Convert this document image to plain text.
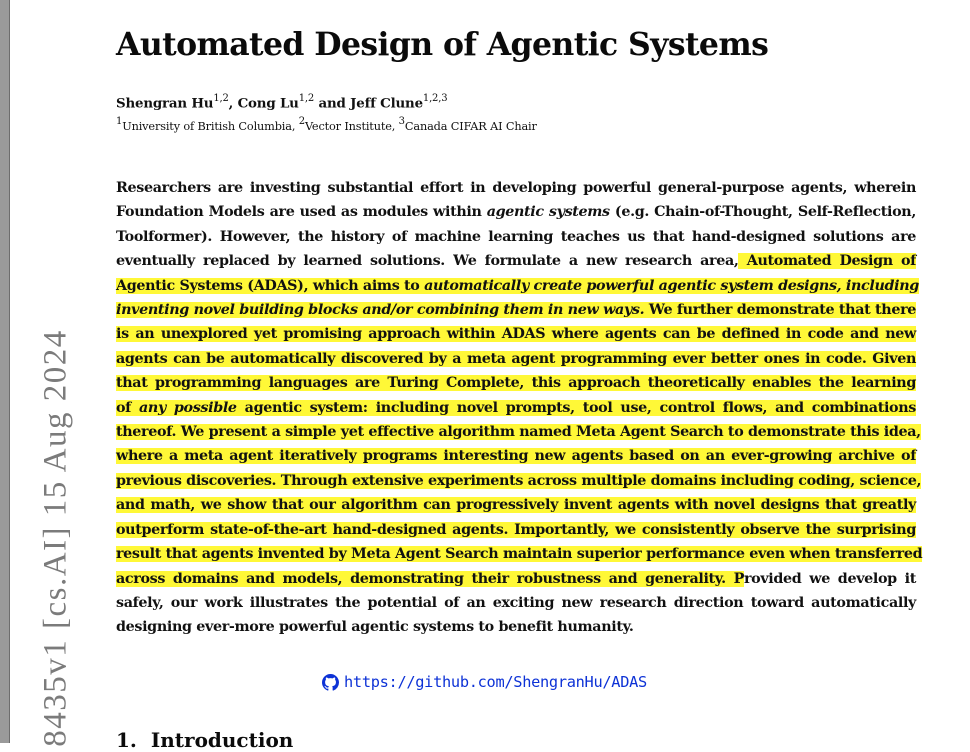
8435v1 [cs.AI] 15 Aug 2024
Automated Design of Agentic Systems
Shengran Hu$^{1,2}$, Cong Lu$^{1,2}$ and Jeff Clune$^{1,2,3}$
$^1$University of British Columbia, $^2$Vector Institute, $^3$Canada CIFAR AI Chair
Researchers are investing substantial effort in developing powerful general-purpose agents, wherein
Foundation Models are used as modules within agentic systems (e.g. Chain-of-Thought, Self-Reflection,
Toolformer). However, the history of machine learning teaches us that hand-designed solutions are
eventually replaced by learned solutions. We formulate a new research area, Automated Design of
Agentic Systems (ADAS), which aims to automatically create powerful agentic system designs, including
inventing novel building blocks and/or combining them in new ways. We further demonstrate that there
is an unexplored yet promising approach within ADAS where agents can be defined in code and new
agents can be automatically discovered by a meta agent programming ever better ones in code. Given
that programming languages are Turing Complete, this approach theoretically enables the learning
of any possible agentic system: including novel prompts, tool use, control flows, and combinations
thereof. We present a simple yet effective algorithm named Meta Agent Search to demonstrate this idea,
where a meta agent iteratively programs interesting new agents based on an ever-growing archive of
previous discoveries. Through extensive experiments across multiple domains including coding, science,
and math, we show that our algorithm can progressively invent agents with novel designs that greatly
outperform state-of-the-art hand-designed agents. Importantly, we consistently observe the surprising
result that agents invented by Meta Agent Search maintain superior performance even when transferred
across domains and models, demonstrating their robustness and generality. Provided we develop it
safely, our work illustrates the potential of an exciting new research direction toward automatically
designing ever-more powerful agentic systems to benefit humanity.
https://github.com/ShengranHu/ADAS
1. Introduction
